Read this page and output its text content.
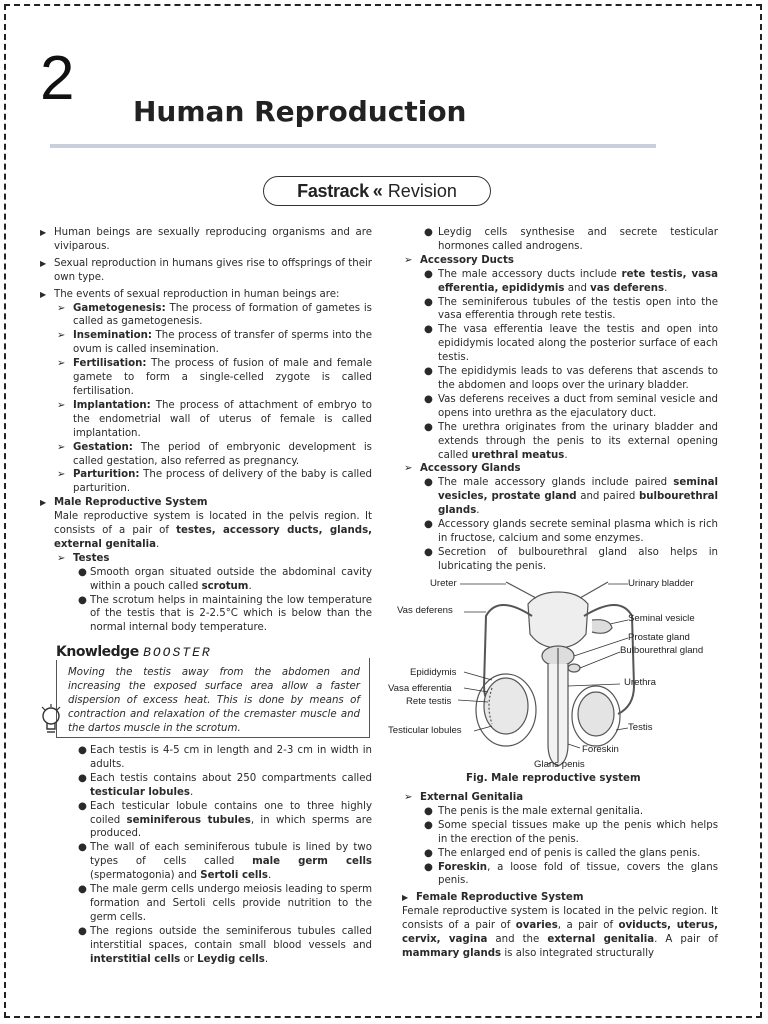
2 Human Reproduction
Fastrack « Revision
▶ Human beings are sexually reproducing organisms and are viviparous.
▶ Sexual reproduction in humans gives rise to offsprings of their own type.
▶ The events of sexual reproduction in human beings are:
➢ Gametogenesis: The process of formation of gametes is called as gametogenesis.
➢ Insemination: The process of transfer of sperms into the ovum is called insemination.
➢ Fertilisation: The process of fusion of male and female gamete to form a single-celled zygote is called fertilisation.
➢ Implantation: The process of attachment of embryo to the endometrial wall of uterus of female is called implantation.
➢ Gestation: The period of embryonic development is called gestation, also referred as pregnancy.
➢ Parturition: The process of delivery of the baby is called parturition.
▶ Male Reproductive System
Male reproductive system is located in the pelvis region. It consists of a pair of testes, accessory ducts, glands, external genitalia.
➢ Testes
● Smooth organ situated outside the abdominal cavity within a pouch called scrotum.
● The scrotum helps in maintaining the low temperature of the testis that is 2-2.5°C which is below than the normal internal body temperature.
Knowledge BOOSTER
Moving the testis away from the abdomen and increasing the exposed surface area allow a faster dispersion of excess heat. This is done by means of contraction and relaxation of the cremaster muscle and the dartos muscle in the scrotum.
● Each testis is 4-5 cm in length and 2-3 cm in width in adults.
● Each testis contains about 250 compartments called testicular lobules.
● Each testicular lobule contains one to three highly coiled seminiferous tubules, in which sperms are produced.
● The wall of each seminiferous tubule is lined by two types of cells called male germ cells (spermatogonia) and Sertoli cells.
● The male germ cells undergo meiosis leading to sperm formation and Sertoli cells provide nutrition to the germ cells.
● The regions outside the seminiferous tubules called interstitial spaces, contain small blood vessels and interstitial cells or Leydig cells.
● Leydig cells synthesise and secrete testicular hormones called androgens.
➢ Accessory Ducts
● The male accessory ducts include rete testis, vasa efferentia, epididymis and vas deferens.
● The seminiferous tubules of the testis open into the vasa efferentia through rete testis.
● The vasa efferentia leave the testis and open into epididymis located along the posterior surface of each testis.
● The epididymis leads to vas deferens that ascends to the abdomen and loops over the urinary bladder.
● Vas deferens receives a duct from seminal vesicle and opens into urethra as the ejaculatory duct.
● The urethra originates from the urinary bladder and extends through the penis to its external opening called urethral meatus.
➢ Accessory Glands
● The male accessory glands include paired seminal vesicles, prostate gland and paired bulbourethral glands.
● Accessory glands secrete seminal plasma which is rich in fructose, calcium and some enzymes.
● Secretion of bulbourethral gland also helps in lubricating the penis.
Ureter	Urinary bladder
Vas deferens
Seminal vesicle
Prostate gland
Bulbourethral gland
Epididymis
Vasa efferentia
Rete testis
Urethra
Testicular lobules	Testis
Foreskin
Glans penis
Fig. Male reproductive system
➢ External Genitalia
● The penis is the male external genitalia.
● Some special tissues make up the penis which helps in the erection of the penis.
● The enlarged end of penis is called the glans penis.
● Foreskin, a loose fold of tissue, covers the glans penis.
▶ Female Reproductive System
Female reproductive system is located in the pelvic region. It consists of a pair of ovaries, a pair of oviducts, uterus, cervix, vagina and the external genitalia. A pair of mammary glands is also integrated structurally
